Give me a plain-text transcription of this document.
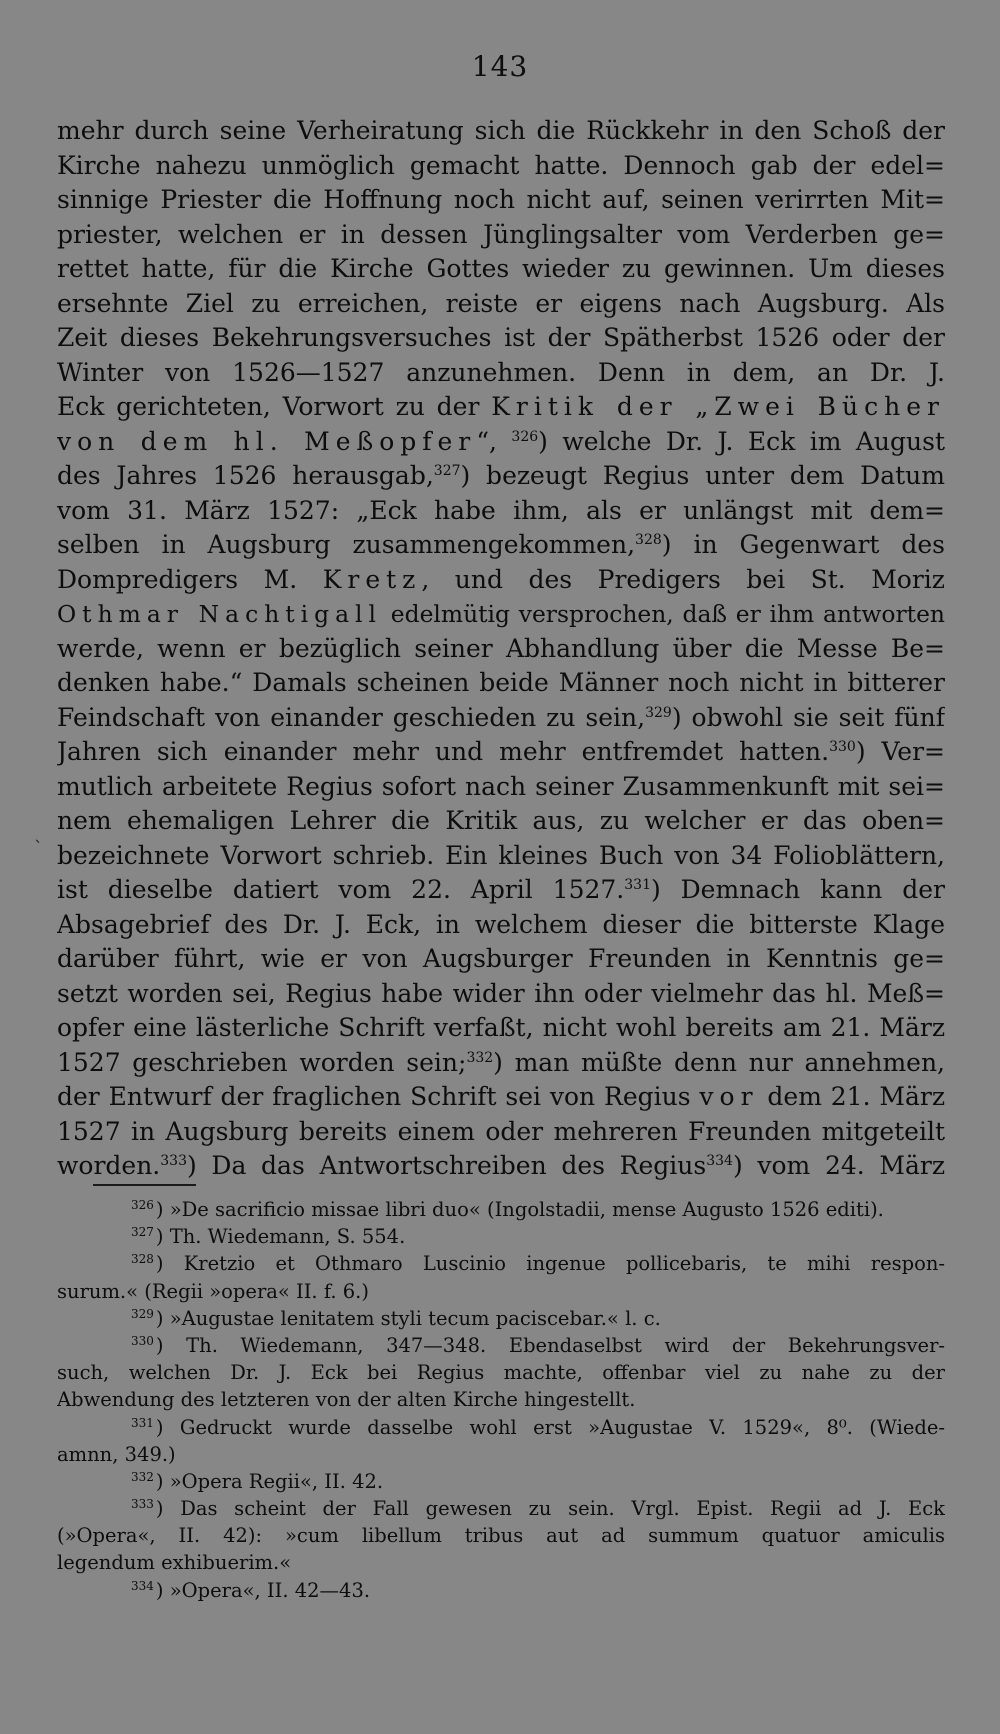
143
mehr durch seine Verheiratung sich die Rückkehr in den Schoß der
Kirche nahezu unmöglich gemacht hatte. Dennoch gab der edel=
sinnige Priester die Hoffnung noch nicht auf, seinen verirrten Mit=
priester, welchen er in dessen Jünglingsalter vom Verderben ge=
rettet hatte, für die Kirche Gottes wieder zu gewinnen. Um dieses
ersehnte Ziel zu erreichen, reiste er eigens nach Augsburg. Als
Zeit dieses Bekehrungsversuches ist der Spätherbst 1526 oder der
Winter von 1526—1527 anzunehmen. Denn in dem, an Dr. J.
Eck gerichteten, Vorwort zu der Kritik der „Zwei Bücher
von dem hl. Meßopfer“, $^{326}$) welche Dr. J. Eck im August
des Jahres 1526 herausgab,$^{327}$) bezeugt Regius unter dem Datum
vom 31. März 1527: „Eck habe ihm, als er unlängst mit dem=
selben in Augsburg zusammengekommen,$^{328}$) in Gegenwart des
Dompredigers M. Kretz, und des Predigers bei St. Moriz
Othmar Nachtigall edelmütig versprochen, daß er ihm antworten
werde, wenn er bezüglich seiner Abhandlung über die Messe Be=
denken habe.“ Damals scheinen beide Männer noch nicht in bitterer
Feindschaft von einander geschieden zu sein,$^{329}$) obwohl sie seit fünf
Jahren sich einander mehr und mehr entfremdet hatten.$^{330}$) Ver=
mutlich arbeitete Regius sofort nach seiner Zusammenkunft mit sei=
nem ehemaligen Lehrer die Kritik aus, zu welcher er das oben=
bezeichnete Vorwort schrieb. Ein kleines Buch von 34 Folioblättern,
ist dieselbe datiert vom 22. April 1527.$^{331}$) Demnach kann der
Absagebrief des Dr. J. Eck, in welchem dieser die bitterste Klage
darüber führt, wie er von Augsburger Freunden in Kenntnis ge=
setzt worden sei, Regius habe wider ihn oder vielmehr das hl. Meß=
opfer eine lästerliche Schrift verfaßt, nicht wohl bereits am 21. März
1527 geschrieben worden sein;$^{332}$) man müßte denn nur annehmen,
der Entwurf der fraglichen Schrift sei von Regius vor dem 21. März
1527 in Augsburg bereits einem oder mehreren Freunden mitgeteilt
worden.$^{333}$) Da das Antwortschreiben des Regius$^{334}$) vom 24. März
`
$^{326}$ ) »De sacrificio missae libri duo« (Ingolstadii, mense Augusto 1526 editi).
$^{327}$ ) Th. Wiedemann, S. 554.
$^{328}$ ) Kretzio et Othmaro Luscinio ingenue pollicebaris, te mihi respon-
surum.« (Regii »opera« II. f. 6.)
$^{329}$ ) »Augustae lenitatem styli tecum paciscebar.« l. c.
$^{330}$ ) Th. Wiedemann, 347—348. Ebendaselbst wird der Bekehrungsver-
such, welchen Dr. J. Eck bei Regius machte, offenbar viel zu nahe zu der
Abwendung des letzteren von der alten Kirche hingestellt.
$^{331}$ ) Gedruckt wurde dasselbe wohl erst »Augustae V. 1529«, 8⁰. (Wiede-
amnn, 349.)
$^{332}$ ) »Opera Regii«, II. 42.
$^{333}$ ) Das scheint der Fall gewesen zu sein. Vrgl. Epist. Regii ad J. Eck
(»Opera«, II. 42): »cum libellum tribus aut ad summum quatuor amiculis
legendum exhibuerim.«
$^{334}$ ) »Opera«, II. 42—43.
